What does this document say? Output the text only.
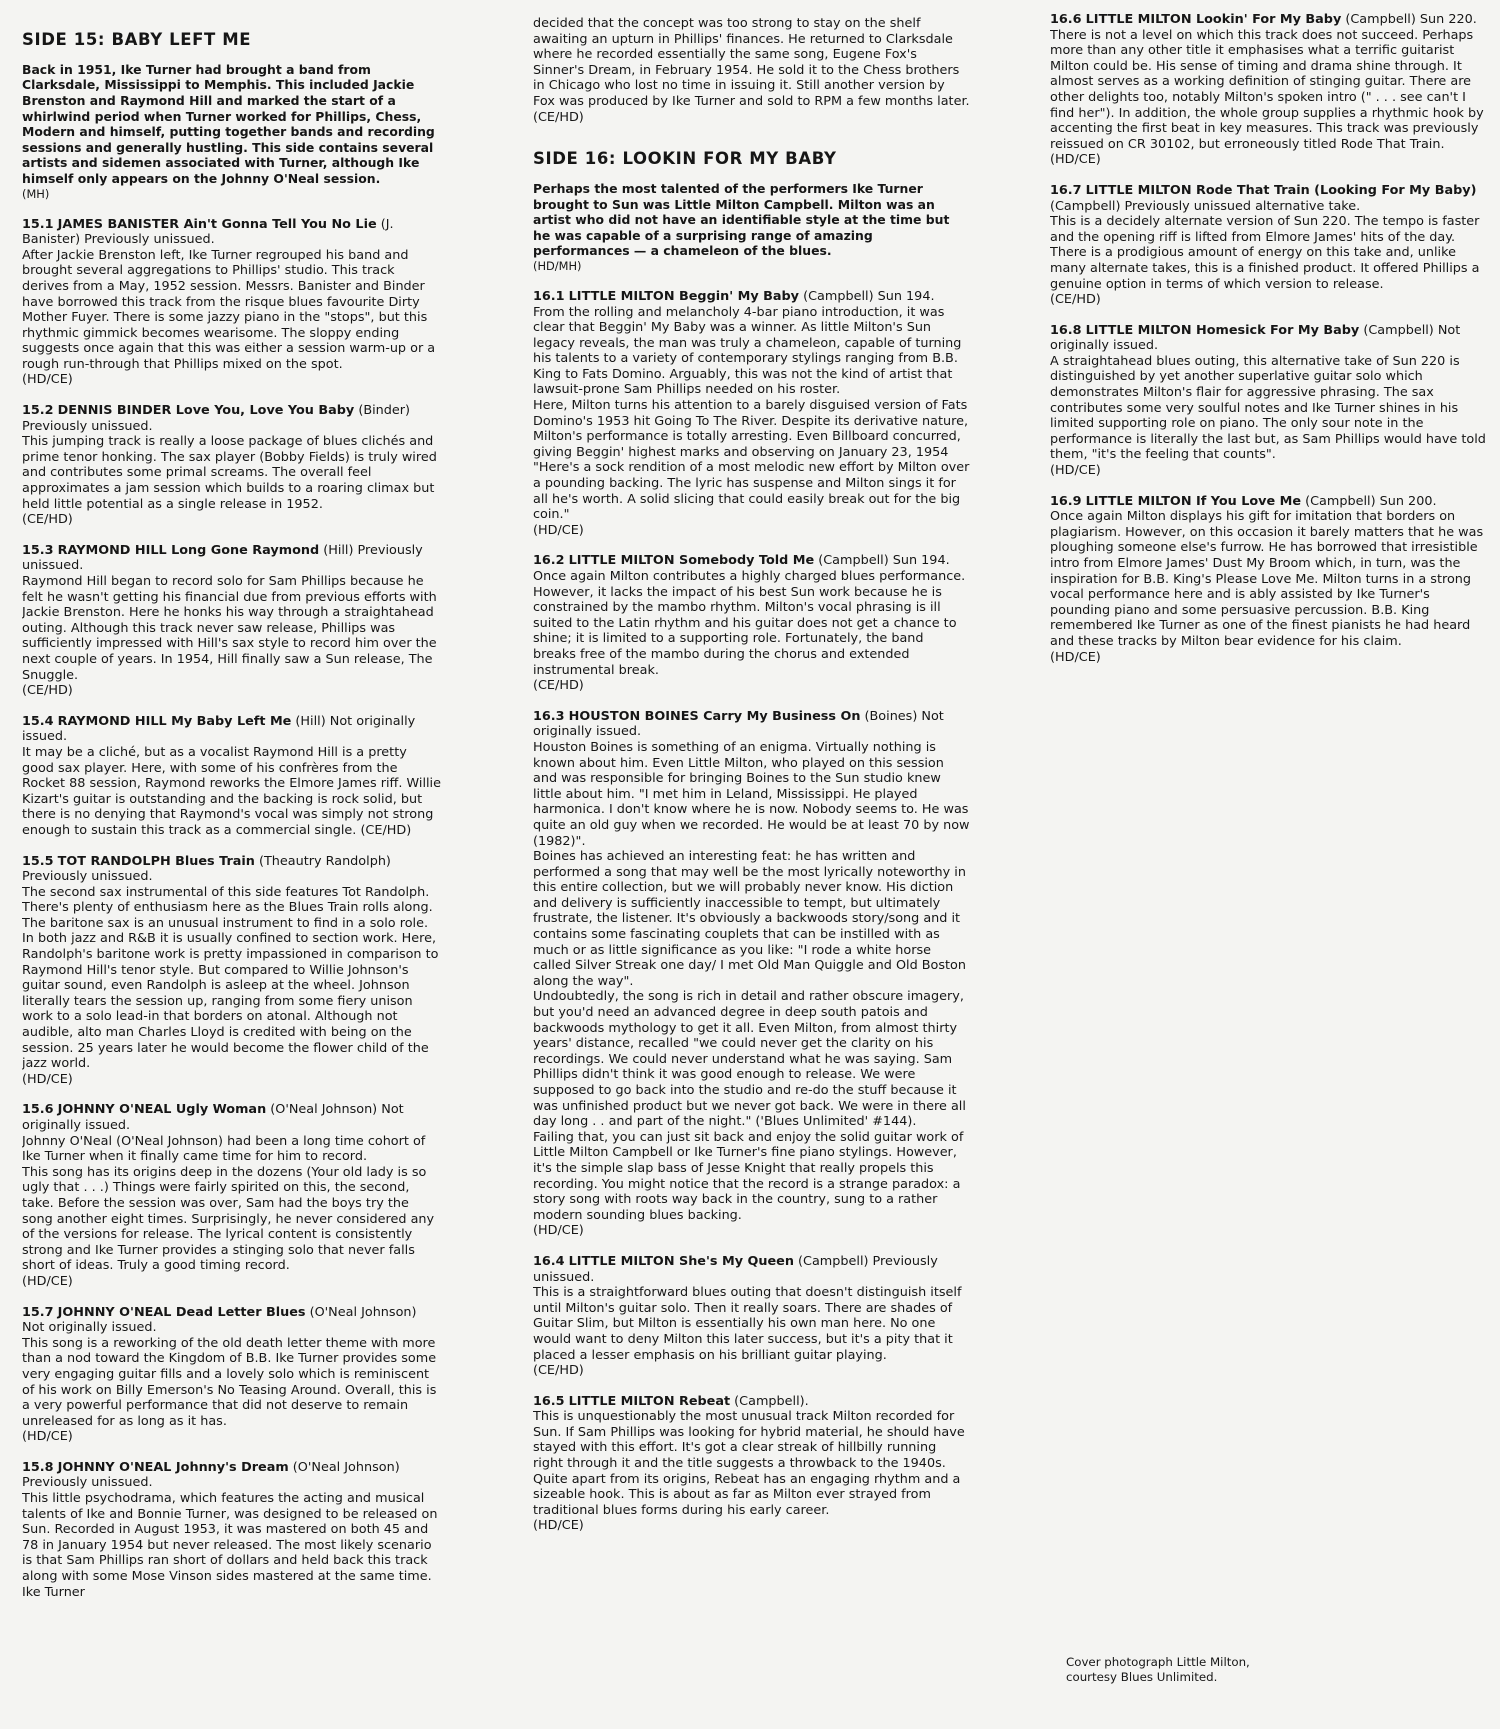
SIDE 15: BABY LEFT ME

Back in 1951, Ike Turner had brought a band from Clarksdale, Mississippi to Memphis. This included Jackie Brenston and Raymond Hill and marked the start of a whirlwind period when Turner worked for Phillips, Chess, Modern and himself, putting together bands and recording sessions and generally hustling. This side contains several artists and sidemen associated with Turner, although Ike himself only appears on the Johnny O'Neal session.

(MH)

15.1 JAMES BANISTER Ain't Gonna Tell You No Lie (J. Banister) Previously unissued.

After Jackie Brenston left, Ike Turner regrouped his band and brought several aggregations to Phillips' studio. This track derives from a May, 1952 session. Messrs. Banister and Binder have borrowed this track from the risque blues favourite Dirty Mother Fuyer. There is some jazzy piano in the "stops", but this rhythmic gimmick becomes wearisome. The sloppy ending suggests once again that this was either a session warm-up or a rough run-through that Phillips mixed on the spot.

(HD/CE)

15.2 DENNIS BINDER Love You, Love You Baby (Binder) Previously unissued.

This jumping track is really a loose package of blues clichés and prime tenor honking. The sax player (Bobby Fields) is truly wired and contributes some primal screams. The overall feel approximates a jam session which builds to a roaring climax but held little potential as a single release in 1952.

(CE/HD)

15.3 RAYMOND HILL Long Gone Raymond (Hill) Previously unissued.

Raymond Hill began to record solo for Sam Phillips because he felt he wasn't getting his financial due from previous efforts with Jackie Brenston. Here he honks his way through a straightahead outing. Although this track never saw release, Phillips was sufficiently impressed with Hill's sax style to record him over the next couple of years. In 1954, Hill finally saw a Sun release, The Snuggle.

(CE/HD)

15.4 RAYMOND HILL My Baby Left Me (Hill) Not originally issued.

It may be a cliché, but as a vocalist Raymond Hill is a pretty good sax player. Here, with some of his confrères from the Rocket 88 session, Raymond reworks the Elmore James riff. Willie Kizart's guitar is outstanding and the backing is rock solid, but there is no denying that Raymond's vocal was simply not strong enough to sustain this track as a commercial single. (CE/HD)

15.5 TOT RANDOLPH Blues Train (Theautry Randolph) Previously unissued.

The second sax instrumental of this side features Tot Randolph. There's plenty of enthusiasm here as the Blues Train rolls along. The baritone sax is an unusual instrument to find in a solo role. In both jazz and R&B it is usually confined to section work. Here, Randolph's baritone work is pretty impassioned in comparison to Raymond Hill's tenor style. But compared to Willie Johnson's guitar sound, even Randolph is asleep at the wheel. Johnson literally tears the session up, ranging from some fiery unison work to a solo lead-in that borders on atonal. Although not audible, alto man Charles Lloyd is credited with being on the session. 25 years later he would become the flower child of the jazz world.

(HD/CE)

15.6 JOHNNY O'NEAL Ugly Woman (O'Neal Johnson) Not originally issued.

Johnny O'Neal (O'Neal Johnson) had been a long time cohort of Ike Turner when it finally came time for him to record.

This song has its origins deep in the dozens (Your old lady is so ugly that . . .) Things were fairly spirited on this, the second, take. Before the session was over, Sam had the boys try the song another eight times. Surprisingly, he never considered any of the versions for release. The lyrical content is consistently strong and Ike Turner provides a stinging solo that never falls short of ideas. Truly a good timing record.

(HD/CE)

15.7 JOHNNY O'NEAL Dead Letter Blues (O'Neal Johnson) Not originally issued.

This song is a reworking of the old death letter theme with more than a nod toward the Kingdom of B.B. Ike Turner provides some very engaging guitar fills and a lovely solo which is reminiscent of his work on Billy Emerson's No Teasing Around. Overall, this is a very powerful performance that did not deserve to remain unreleased for as long as it has.

(HD/CE)

15.8 JOHNNY O'NEAL Johnny's Dream (O'Neal Johnson) Previously unissued.

This little psychodrama, which features the acting and musical talents of Ike and Bonnie Turner, was designed to be released on Sun. Recorded in August 1953, it was mastered on both 45 and 78 in January 1954 but never released. The most likely scenario is that Sam Phillips ran short of dollars and held back this track along with some Mose Vinson sides mastered at the same time. Ike Turner

decided that the concept was too strong to stay on the shelf awaiting an upturn in Phillips' finances. He returned to Clarksdale where he recorded essentially the same song, Eugene Fox's Sinner's Dream, in February 1954. He sold it to the Chess brothers in Chicago who lost no time in issuing it. Still another version by Fox was produced by Ike Turner and sold to RPM a few months later.

(CE/HD)

SIDE 16: LOOKIN FOR MY BABY

Perhaps the most talented of the performers Ike Turner brought to Sun was Little Milton Campbell. Milton was an artist who did not have an identifiable style at the time but he was capable of a surprising range of amazing performances — a chameleon of the blues.

(HD/MH)

16.1 LITTLE MILTON Beggin' My Baby (Campbell) Sun 194.

From the rolling and melancholy 4-bar piano introduction, it was clear that Beggin' My Baby was a winner. As little Milton's Sun legacy reveals, the man was truly a chameleon, capable of turning his talents to a variety of contemporary stylings ranging from B.B. King to Fats Domino. Arguably, this was not the kind of artist that lawsuit-prone Sam Phillips needed on his roster.

Here, Milton turns his attention to a barely disguised version of Fats Domino's 1953 hit Going To The River. Despite its derivative nature, Milton's performance is totally arresting. Even Billboard concurred, giving Beggin' highest marks and observing on January 23, 1954 "Here's a sock rendition of a most melodic new effort by Milton over a pounding backing. The lyric has suspense and Milton sings it for all he's worth. A solid slicing that could easily break out for the big coin."

(HD/CE)

16.2 LITTLE MILTON Somebody Told Me (Campbell) Sun 194.

Once again Milton contributes a highly charged blues performance. However, it lacks the impact of his best Sun work because he is constrained by the mambo rhythm. Milton's vocal phrasing is ill suited to the Latin rhythm and his guitar does not get a chance to shine; it is limited to a supporting role. Fortunately, the band breaks free of the mambo during the chorus and extended instrumental break.

(CE/HD)

16.3 HOUSTON BOINES Carry My Business On (Boines) Not originally issued.

Houston Boines is something of an enigma. Virtually nothing is known about him. Even Little Milton, who played on this session and was responsible for bringing Boines to the Sun studio knew little about him. "I met him in Leland, Mississippi. He played harmonica. I don't know where he is now. Nobody seems to. He was quite an old guy when we recorded. He would be at least 70 by now (1982)".

Boines has achieved an interesting feat: he has written and performed a song that may well be the most lyrically noteworthy in this entire collection, but we will probably never know. His diction and delivery is sufficiently inaccessible to tempt, but ultimately frustrate, the listener. It's obviously a backwoods story/song and it contains some fascinating couplets that can be instilled with as much or as little significance as you like: "I rode a white horse called Silver Streak one day/ I met Old Man Quiggle and Old Boston along the way".

Undoubtedly, the song is rich in detail and rather obscure imagery, but you'd need an advanced degree in deep south patois and backwoods mythology to get it all. Even Milton, from almost thirty years' distance, recalled "we could never get the clarity on his recordings. We could never understand what he was saying. Sam Phillips didn't think it was good enough to release. We were supposed to go back into the studio and re-do the stuff because it was unfinished product but we never got back. We were in there all day long . . and part of the night." ('Blues Unlimited' #144).

Failing that, you can just sit back and enjoy the solid guitar work of Little Milton Campbell or Ike Turner's fine piano stylings. However, it's the simple slap bass of Jesse Knight that really propels this recording. You might notice that the record is a strange paradox: a story song with roots way back in the country, sung to a rather modern sounding blues backing.

(HD/CE)

16.4 LITTLE MILTON She's My Queen (Campbell) Previously unissued.

This is a straightforward blues outing that doesn't distinguish itself until Milton's guitar solo. Then it really soars. There are shades of Guitar Slim, but Milton is essentially his own man here. No one would want to deny Milton this later success, but it's a pity that it placed a lesser emphasis on his brilliant guitar playing.

(CE/HD)

16.5 LITTLE MILTON Rebeat (Campbell).

This is unquestionably the most unusual track Milton recorded for Sun. If Sam Phillips was looking for hybrid material, he should have stayed with this effort. It's got a clear streak of hillbilly running right through it and the title suggests a throwback to the 1940s. Quite apart from its origins, Rebeat has an engaging rhythm and a sizeable hook. This is about as far as Milton ever strayed from traditional blues forms during his early career.

(HD/CE)

16.6 LITTLE MILTON Lookin' For My Baby (Campbell) Sun 220.

There is not a level on which this track does not succeed. Perhaps more than any other title it emphasises what a terrific guitarist Milton could be. His sense of timing and drama shine through. It almost serves as a working definition of stinging guitar. There are other delights too, notably Milton's spoken intro (" . . . see can't I find her"). In addition, the whole group supplies a rhythmic hook by accenting the first beat in key measures. This track was previously reissued on CR 30102, but erroneously titled Rode That Train.

(HD/CE)

16.7 LITTLE MILTON Rode That Train (Looking For My Baby) (Campbell) Previously unissued alternative take.

This is a decidely alternate version of Sun 220. The tempo is faster and the opening riff is lifted from Elmore James' hits of the day. There is a prodigious amount of energy on this take and, unlike many alternate takes, this is a finished product. It offered Phillips a genuine option in terms of which version to release.

(CE/HD)

16.8 LITTLE MILTON Homesick For My Baby (Campbell) Not originally issued.

A straightahead blues outing, this alternative take of Sun 220 is distinguished by yet another superlative guitar solo which demonstrates Milton's flair for aggressive phrasing. The sax contributes some very soulful notes and Ike Turner shines in his limited supporting role on piano. The only sour note in the performance is literally the last but, as Sam Phillips would have told them, "it's the feeling that counts".

(HD/CE)

16.9 LITTLE MILTON If You Love Me (Campbell) Sun 200.

Once again Milton displays his gift for imitation that borders on plagiarism. However, on this occasion it barely matters that he was ploughing someone else's furrow. He has borrowed that irresistible intro from Elmore James' Dust My Broom which, in turn, was the inspiration for B.B. King's Please Love Me. Milton turns in a strong vocal performance here and is ably assisted by Ike Turner's pounding piano and some persuasive percussion. B.B. King remembered Ike Turner as one of the finest pianists he had heard and these tracks by Milton bear evidence for his claim.

(HD/CE)

Cover photograph Little Milton,

courtesy Blues Unlimited.
